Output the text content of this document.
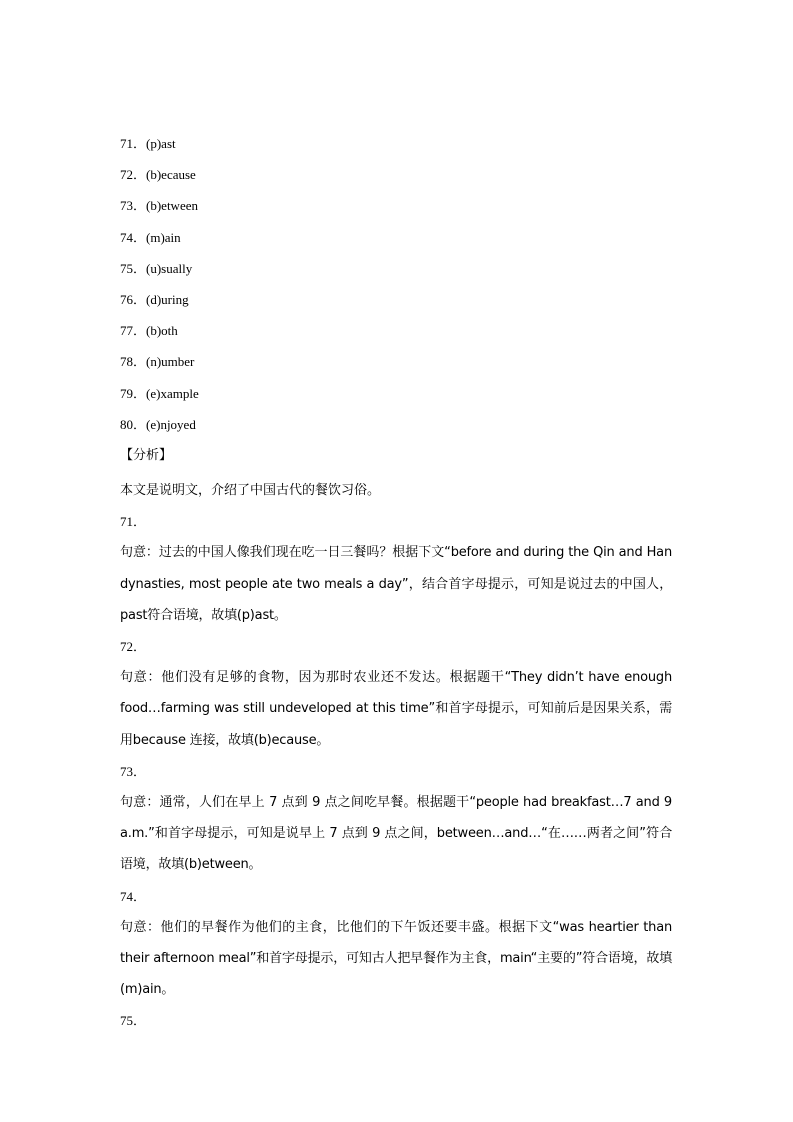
71．(p)ast
72．(b)ecause
73．(b)etween
74．(m)ain
75．(u)sually
76．(d)uring
77．(b)oth
78．(n)umber
79．(e)xample
80．(e)njoyed
【分析】
本文是说明文，介绍了中国古代的餐饮习俗。
71．
句意：过去的中国人像我们现在吃一日三餐吗？根据下文“before and during the Qin and Han dynasties, most people ate two meals a day”，结合首字母提示，可知是说过去的中国人，past符合语境，故填(p)ast。
72．
句意：他们没有足够的食物，因为那时农业还不发达。根据题干“They didn’t have enough food…farming was still undeveloped at this time”和首字母提示，可知前后是因果关系，需用because 连接，故填(b)ecause。
73．
句意：通常，人们在早上 7 点到 9 点之间吃早餐。根据题干“people had breakfast…7 and 9 a.m.”和首字母提示，可知是说早上 7 点到 9 点之间，between…and…“在……两者之间”符合语境，故填(b)etween。
74．
句意：他们的早餐作为他们的主食，比他们的下午饭还要丰盛。根据下文“was heartier than their afternoon meal”和首字母提示，可知古人把早餐作为主食，main“主要的”符合语境，故填(m)ain。
75．
